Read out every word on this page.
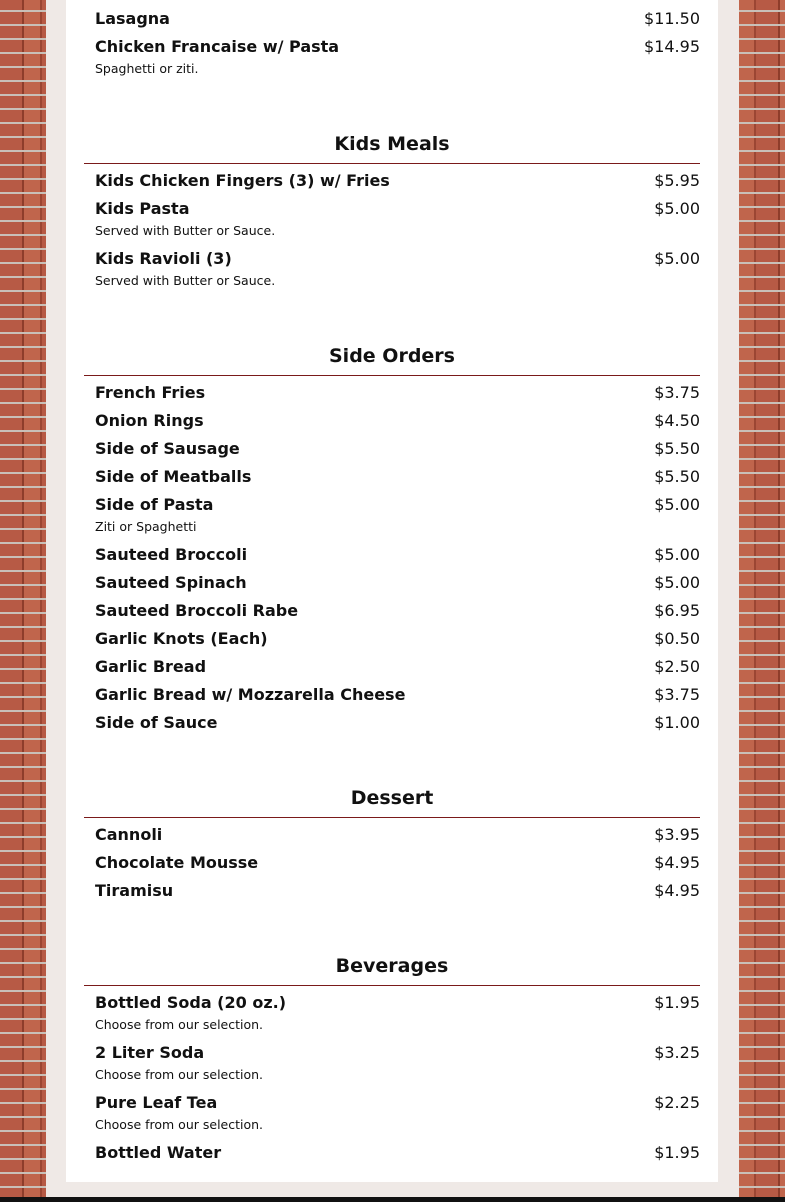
Lasagna	$11.50
Chicken Francaise w/ Pasta	$14.95
Spaghetti or ziti.
Kids Meals
Kids Chicken Fingers (3) w/ Fries	$5.95
Kids Pasta	$5.00
Served with Butter or Sauce.
Kids Ravioli (3)	$5.00
Served with Butter or Sauce.
Side Orders
French Fries	$3.75
Onion Rings	$4.50
Side of Sausage	$5.50
Side of Meatballs	$5.50
Side of Pasta	$5.00
Ziti or Spaghetti
Sauteed Broccoli	$5.00
Sauteed Spinach	$5.00
Sauteed Broccoli Rabe	$6.95
Garlic Knots (Each)	$0.50
Garlic Bread	$2.50
Garlic Bread w/ Mozzarella Cheese	$3.75
Side of Sauce	$1.00
Dessert
Cannoli	$3.95
Chocolate Mousse	$4.95
Tiramisu	$4.95
Beverages
Bottled Soda (20 oz.)	$1.95
Choose from our selection.
2 Liter Soda	$3.25
Choose from our selection.
Pure Leaf Tea	$2.25
Choose from our selection.
Bottled Water	$1.95
